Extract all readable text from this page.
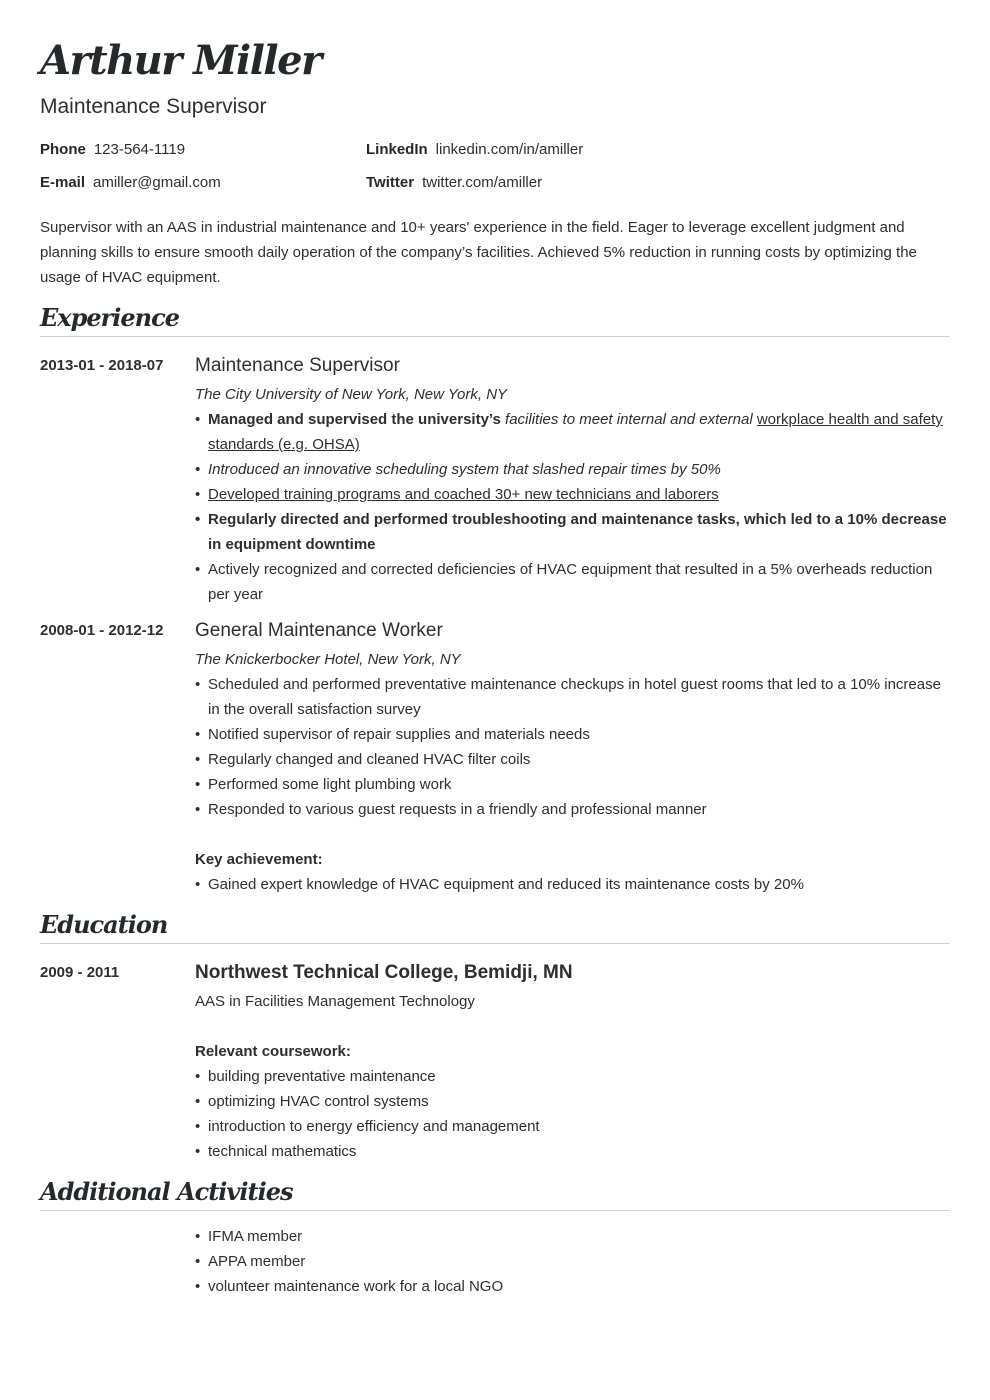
Arthur Miller
Maintenance Supervisor
Phone 123-564-1119	LinkedIn linkedin.com/in/amiller
E-mail amiller@gmail.com	Twitter twitter.com/amiller
Supervisor with an AAS in industrial maintenance and 10+ years' experience in the field. Eager to leverage excellent judgment and planning skills to ensure smooth daily operation of the company’s facilities. Achieved 5% reduction in running costs by optimizing the usage of HVAC equipment.
Experience
2013-01 - 2018-07 Maintenance Supervisor
The City University of New York, New York, NY
• Managed and supervised the university’s facilities to meet internal and external workplace health and safety standards (e.g. OHSA)
• Introduced an innovative scheduling system that slashed repair times by 50%
• Developed training programs and coached 30+ new technicians and laborers
• Regularly directed and performed troubleshooting and maintenance tasks, which led to a 10% decrease in equipment downtime
• Actively recognized and corrected deficiencies of HVAC equipment that resulted in a 5% overheads reduction per year
2008-01 - 2012-12 General Maintenance Worker
The Knickerbocker Hotel, New York, NY
• Scheduled and performed preventative maintenance checkups in hotel guest rooms that led to a 10% increase in the overall satisfaction survey
• Notified supervisor of repair supplies and materials needs
• Regularly changed and cleaned HVAC filter coils
• Performed some light plumbing work
• Responded to various guest requests in a friendly and professional manner
Key achievement:
• Gained expert knowledge of HVAC equipment and reduced its maintenance costs by 20%
Education
2009 - 2011	Northwest Technical College, Bemidji, MN
AAS in Facilities Management Technology
Relevant coursework:
• building preventative maintenance
• optimizing HVAC control systems
• introduction to energy efficiency and management
• technical mathematics
Additional Activities
• IFMA member
• APPA member
• volunteer maintenance work for a local NGO
